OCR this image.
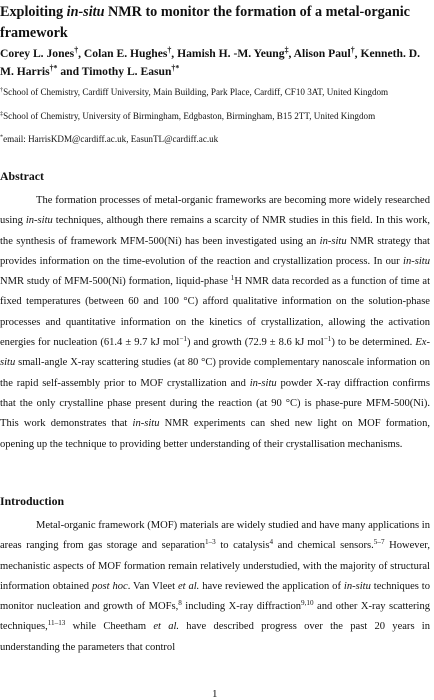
Exploiting in-situ NMR to monitor the formation of a metal-organic framework
Corey L. Jones†, Colan E. Hughes†, Hamish H. -M. Yeung‡, Alison Paul†, Kenneth. D. M. Harris†* and Timothy L. Easun†*
†School of Chemistry, Cardiff University, Main Building, Park Place, Cardiff, CF10 3AT, United Kingdom
‡School of Chemistry, University of Birmingham, Edgbaston, Birmingham, B15 2TT, United Kingdom
*email: HarrisKDM@cardiff.ac.uk, EasunTL@cardiff.ac.uk
Abstract
The formation processes of metal-organic frameworks are becoming more widely researched using in-situ techniques, although there remains a scarcity of NMR studies in this field. In this work, the synthesis of framework MFM-500(Ni) has been investigated using an in-situ NMR strategy that provides information on the time-evolution of the reaction and crystallization process. In our in-situ NMR study of MFM-500(Ni) formation, liquid-phase $^1$H NMR data recorded as a function of time at fixed temperatures (between 60 and 100 °C) afford qualitative information on the solution-phase processes and quantitative information on the kinetics of crystallization, allowing the activation energies for nucleation (61.4 ± 9.7 kJ mol$^{-1}$) and growth (72.9 ± 8.6 kJ mol$^{-1}$) to be determined. Ex-situ small-angle X-ray scattering studies (at 80 °C) provide complementary nanoscale information on the rapid self-assembly prior to MOF crystallization and in-situ powder X-ray diffraction confirms that the only crystalline phase present during the reaction (at 90 °C) is phase-pure MFM-500(Ni). This work demonstrates that in-situ NMR experiments can shed new light on MOF formation, opening up the technique to providing better understanding of their crystallisation mechanisms.
Introduction
Metal-organic framework (MOF) materials are widely studied and have many applications in areas ranging from gas storage and separation$^{1-3}$ to catalysis$^4$ and chemical sensors.$^{5-7}$ However, mechanistic aspects of MOF formation remain relatively understudied, with the majority of structural information obtained post hoc. Van Vleet et al. have reviewed the application of in-situ techniques to monitor nucleation and growth of MOFs,$^8$ including X-ray diffraction$^{9,10}$ and other X-ray scattering techniques,$^{11-13}$ while Cheetham et al. have described progress over the past 20 years in understanding the parameters that control
1
